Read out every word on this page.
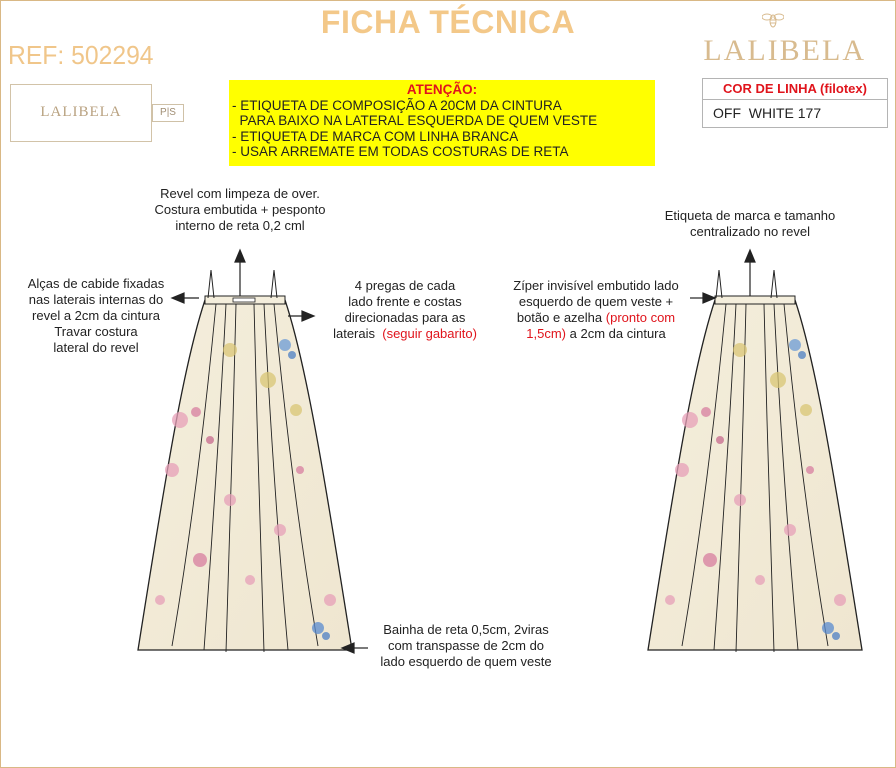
FICHA TÉCNICA
REF: 502294	LALIBELA
LALIBELA	P|S
ATENÇÃO:
- ETIQUETA DE COMPOSIÇÃO A 20CM DA CINTURA
PARA BAIXO NA LATERAL ESQUERDA DE QUEM VESTE
- ETIQUETA DE MARCA COM LINHA BRANCA
- USAR ARREMATE EM TODAS COSTURAS DE RETA
COR DE LINHA (filotex)
OFF  WHITE 177
Revel com limpeza de over.
Costura embutida + pesponto
interno de reta 0,2 cml
Alças de cabide fixadas
nas laterais internas do
revel a 2cm da cintura
Travar costura
lateral do revel
4 pregas de cada
lado frente e costas
direcionadas para as
laterais (seguir gabarito)
Bainha de reta 0,5cm, 2viras
com transpasse de 2cm do
lado esquerdo de quem veste
Etiqueta de marca e tamanho
centralizado no revel
Zíper invisível embutido lado
esquerdo de quem veste +
botão e azelha (pronto com
1,5cm) a 2cm da cintura
